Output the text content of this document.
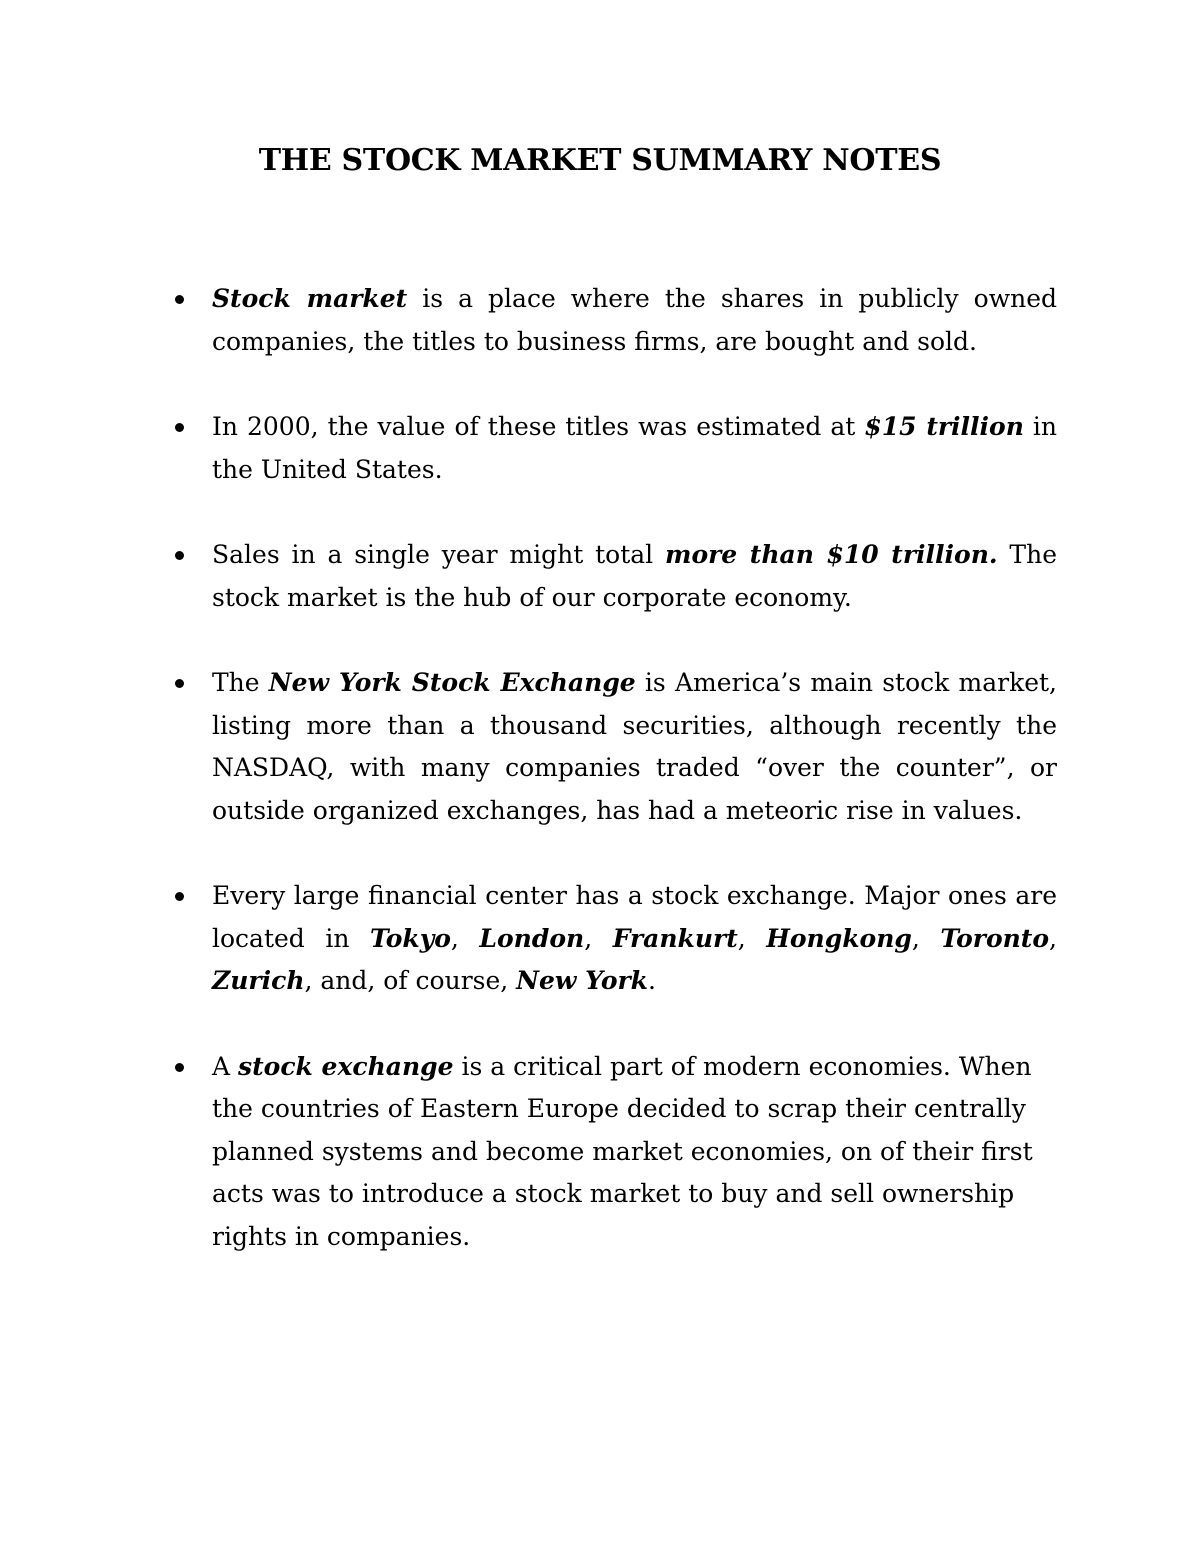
THE STOCK MARKET SUMMARY NOTES
Stock market is a place where the shares in publicly owned companies, the titles to business firms, are bought and sold.
In 2000, the value of these titles was estimated at $15 trillion in the United States.
Sales in a single year might total more than $10 trillion. The stock market is the hub of our corporate economy.
The New York Stock Exchange is America’s main stock market, listing more than a thousand securities, although recently the NASDAQ, with many companies traded “over the counter”, or outside organized exchanges, has had a meteoric rise in values.
Every large financial center has a stock exchange. Major ones are located in Tokyo, London, Frankurt, Hongkong, Toronto, Zurich, and, of course, New York.
A stock exchange is a critical part of modern economies. When the countries of Eastern Europe decided to scrap their centrally planned systems and become market economies, on of their first acts was to introduce a stock market to buy and sell ownership rights in companies.
